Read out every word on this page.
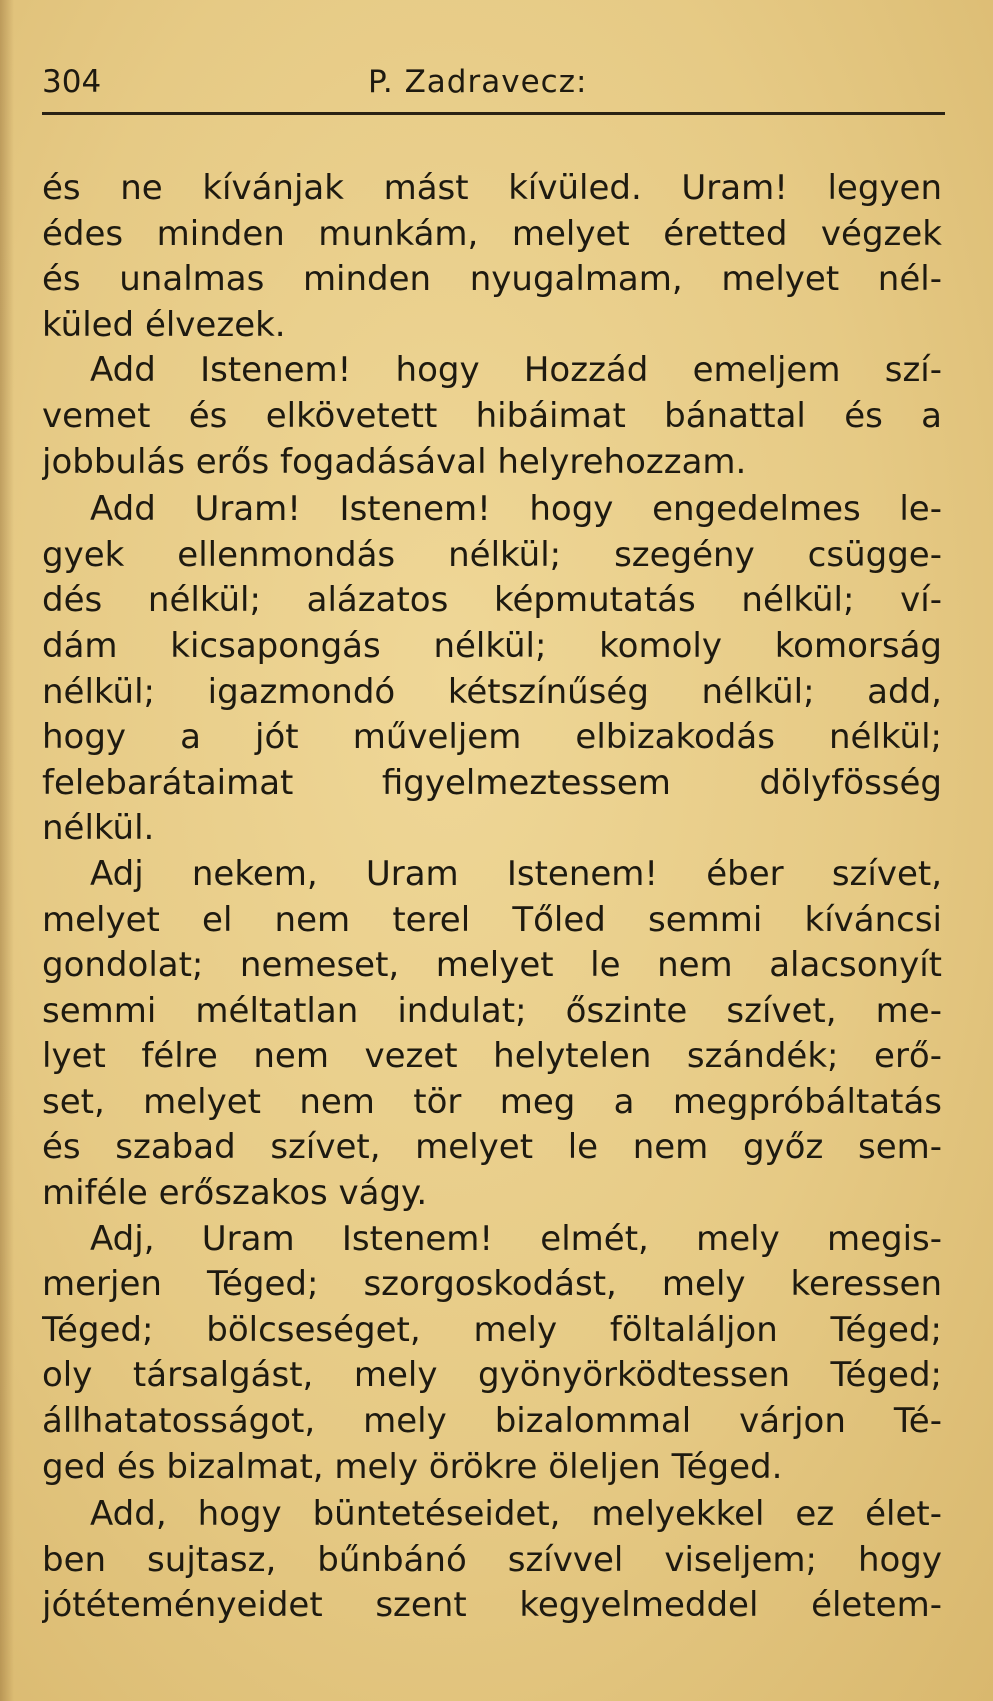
304	P. Zadravecz:
és ne kívánjak mást kívüled. Uram! legyen
édes minden munkám, melyet éretted végzek
és unalmas minden nyugalmam, melyet nél-
küled élvezek.
Add Istenem! hogy Hozzád emeljem szí-
vemet és elkövetett hibáimat bánattal és a
jobbulás erős fogadásával helyrehozzam.
Add Uram! Istenem! hogy engedelmes le-
gyek ellenmondás nélkül; szegény csügge-
dés nélkül; alázatos képmutatás nélkül; ví-
dám kicsapongás nélkül; komoly komorság
nélkül; igazmondó kétszínűség nélkül; add,
hogy a jót műveljem elbizakodás nélkül;
felebarátaimat figyelmeztessem dölyfösség
nélkül.
Adj nekem, Uram Istenem! éber szívet,
melyet el nem terel Tőled semmi kíváncsi
gondolat; nemeset, melyet le nem alacsonyít
semmi méltatlan indulat; őszinte szívet, me-
lyet félre nem vezet helytelen szándék; erő-
set, melyet nem tör meg a megpróbáltatás
és szabad szívet, melyet le nem győz sem-
miféle erőszakos vágy.
Adj, Uram Istenem! elmét, mely megis-
merjen Téged; szorgoskodást, mely keressen
Téged; bölcseséget, mely föltaláljon Téged;
oly társalgást, mely gyönyörködtessen Téged;
állhatatosságot, mely bizalommal várjon Té-
ged és bizalmat, mely örökre öleljen Téged.
Add, hogy büntetéseidet, melyekkel ez élet-
ben sujtasz, bűnbánó szívvel viseljem; hogy
jótéteményeidet szent kegyelmeddel életem-
